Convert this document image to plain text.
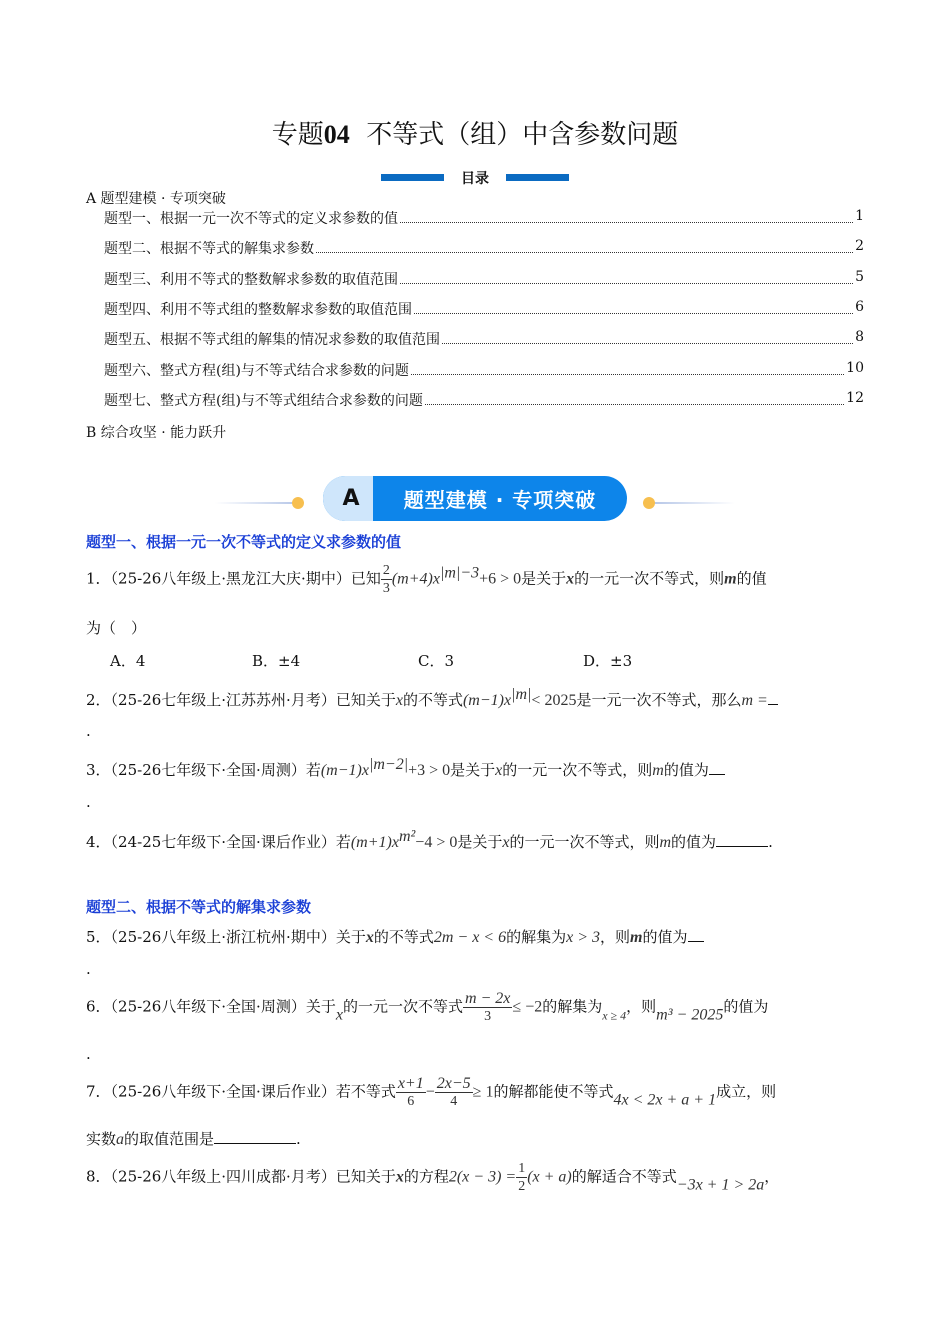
专题04 不等式（组）中含参数问题
目录
A 题型建模 · 专项突破
题型一、根据一元一次不等式的定义求参数的值	1
题型二、根据不等式的解集求参数	2
题型三、利用不等式的整数解求参数的取值范围	5
题型四、利用不等式组的整数解求参数的取值范围	6
题型五、根据不等式组的解集的情况求参数的取值范围	8
题型六、整式方程(组)与不等式结合求参数的问题	10
题型七、整式方程(组)与不等式组结合求参数的问题	12
B 综合攻坚 · 能力跃升
A	题型建模 · 专项突破
题型一、根据一元一次不等式的定义求参数的值
1．（25-26八年级上·黑龙江大庆·期中）已知 $\frac{2}{3} (m+4)x^{|m|-3}+6 > 0$是关于x的一元一次不等式，则m的值
为（　）
A．4	B．±4	C．3	D．±3
2．（25-26七年级上·江苏苏州·月考）已知关于x的不等式$(m-1)x^{|m|}< 2025$是一元一次不等式，那么m =
.
3．（25-26七年级下·全国·周测）若$(m-1)x^{|m-2|}+3 > 0$是关于x的一元一次不等式，则m的值为
.
4．（24-25七年级下·全国·课后作业）若$(m+1)x^{m^2}-4 > 0$是关于x的一元一次不等式，则m的值为	.
题型二、根据不等式的解集求参数
5．（25-26八年级上·浙江杭州·期中）关于x的不等式2m − x < 6的解集为x > 3，则m的值为
.
6．（25-26八年级下·全国·周测）关于x的一元一次不等式 $\frac{m - 2x}{3} \le -2$的解集为$_{x \ge 4}$，则m³ − 2025的值为
.
7．（25-26八年级下·全国·课后作业）若不等式 $\frac{x+1}{6} - \frac{2x-5}{4} \ge 1$的解都能使不等式4x < 2x + a + 1成立，则
实数a的取值范围是	.
8．（25-26八年级上·四川成都·月考）已知关于x的方程$2(x - 3) = \frac{1}{2} (x + a)$的解适合不等式−3x + 1 > 2a，
